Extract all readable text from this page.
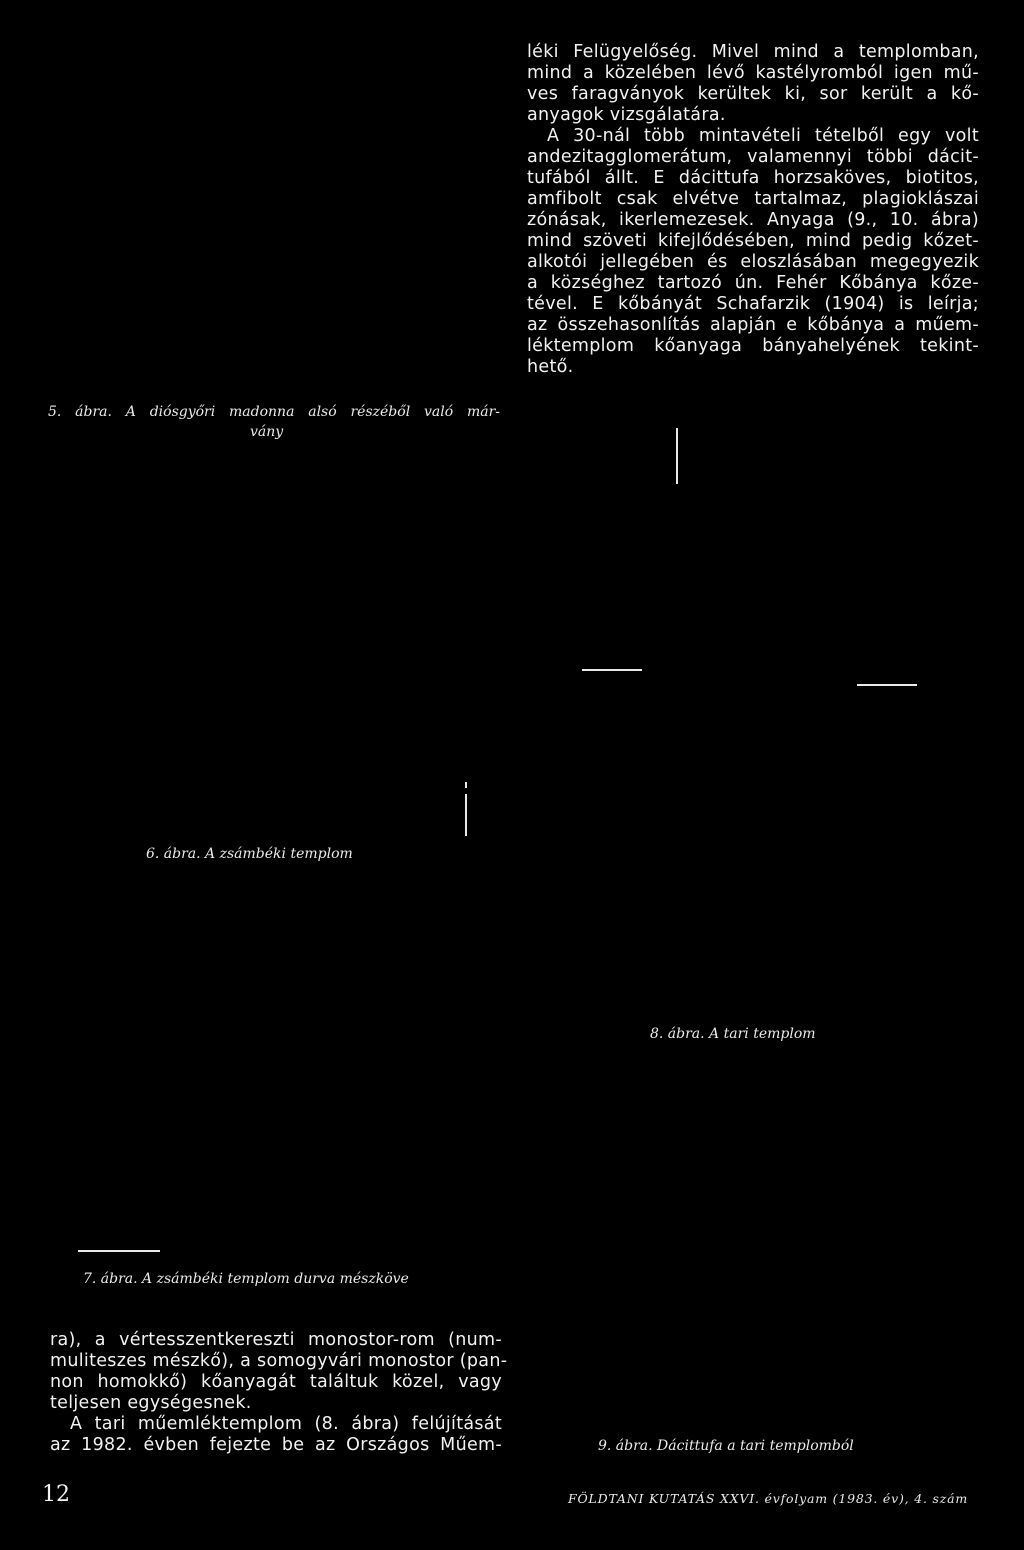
léki Felügyelőség. Mivel mind a templomban,
mind a közelében lévő kastélyromból igen mű-
ves faragványok kerültek ki, sor került a kő-
anyagok vizsgálatára.
A 30-nál több mintavételi tételből egy volt
andezitagglomerátum, valamennyi többi dácit-
tufából állt. E dácittufa horzsaköves, biotitos,
amfibolt csak elvétve tartalmaz, plagioklászai
zónásak, ikerlemezesek. Anyaga (9., 10. ábra)
mind szöveti kifejlődésében, mind pedig kőzet-
alkotói jellegében és eloszlásában megegyezik
a községhez tartozó ún. Fehér Kőbánya kőze-
tével. E kőbányát Schafarzik (1904) is leírja;
az összehasonlítás alapján e kőbánya a műem-
léktemplom kőanyaga bányahelyének tekint-
hető.
5. ábra. A diósgyőri madonna alsó részéből való már-
vány
6. ábra. A zsámbéki templom
8. ábra. A tari templom
7. ábra. A zsámbéki templom durva mészköve
ra), a vértesszentkereszti monostor-rom (num-
muliteszes mészkő), a somogyvári monostor (pan-
non homokkő) kőanyagát találtuk közel, vagy
teljesen egységesnek.
A tari műemléktemplom (8. ábra) felújítását
az 1982. évben fejezte be az Országos Műem-	9. ábra. Dácittufa a tari templomból
12	FÖLDTANI KUTATÁS XXVI. évfolyam (1983. év), 4. szám
